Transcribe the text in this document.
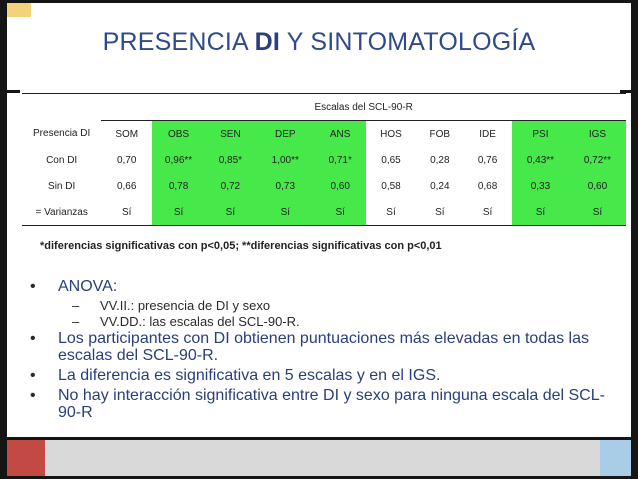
PRESENCIA DI Y SINTOMATOLOGÍA
	Escalas del SCL-90-R									
Presencia DI	SOM	OBS	SEN	DEP	ANS	HOS	FOB	IDE	PSI	IGS
Con DI	0,70	0,96**	0,85*	1,00**	0,71*	0,65	0,28	0,76	0,43**	0,72**
Sin DI	0,66	0,78	0,72	0,73	0,60	0,58	0,24	0,68	0,33	0,60
= Varianzas	Sí	Sí	Sí	Sí	Sí	Sí	Sí	Sí	Sí	Sí
*diferencias significativas con p<0,05; **diferencias significativas con p<0,01
• ANOVA:
– VV.II.: presencia de DI y sexo
– VV.DD.: las escalas del SCL-90-R.
• Los participantes con DI obtienen puntuaciones más elevadas en todas las escalas del SCL-90-R.
• La diferencia es significativa en 5 escalas y en el IGS.
• No hay interacción significativa entre DI y sexo para ninguna escala del SCL-90-R
